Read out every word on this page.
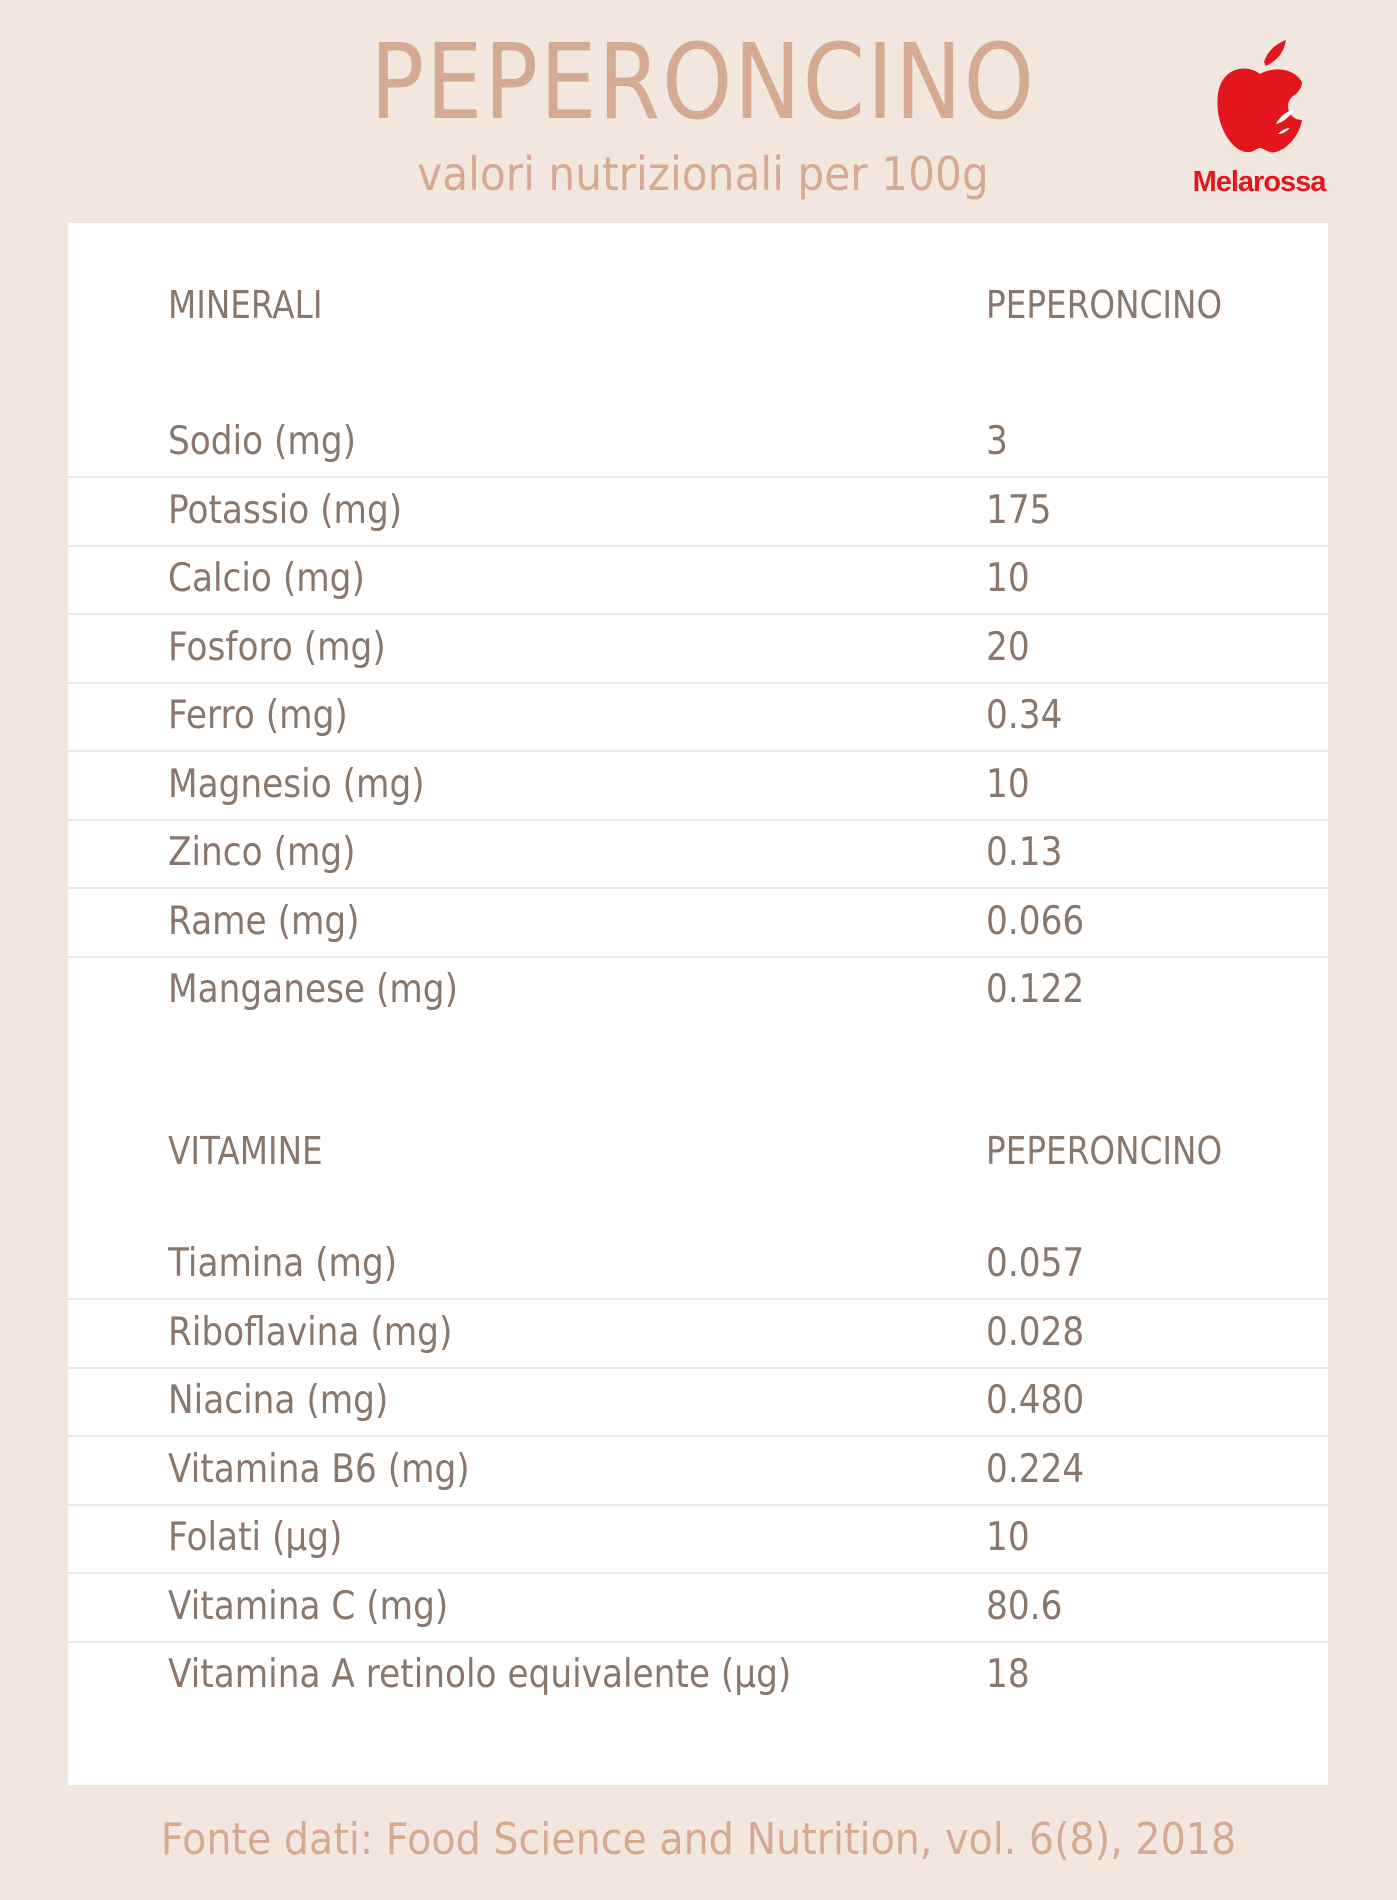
PEPERONCINO
valori nutrizionali per 100g	Melarossa
MINERALI	PEPERONCINO
Sodio (mg)	3
Potassio (mg)	175
Calcio (mg)	10
Fosforo (mg)	20
Ferro (mg)	0.34
Magnesio (mg)	10
Zinco (mg)	0.13
Rame (mg)	0.066
Manganese (mg)	0.122
VITAMINE	PEPERONCINO
Tiamina (mg)	0.057
Riboflavina (mg)	0.028
Niacina (mg)	0.480
Vitamina B6 (mg)	0.224
Folati (µg)	10
Vitamina C (mg)	80.6
Vitamina A retinolo equivalente (µg)	18
Fonte dati: Food Science and Nutrition, vol. 6(8), 2018
